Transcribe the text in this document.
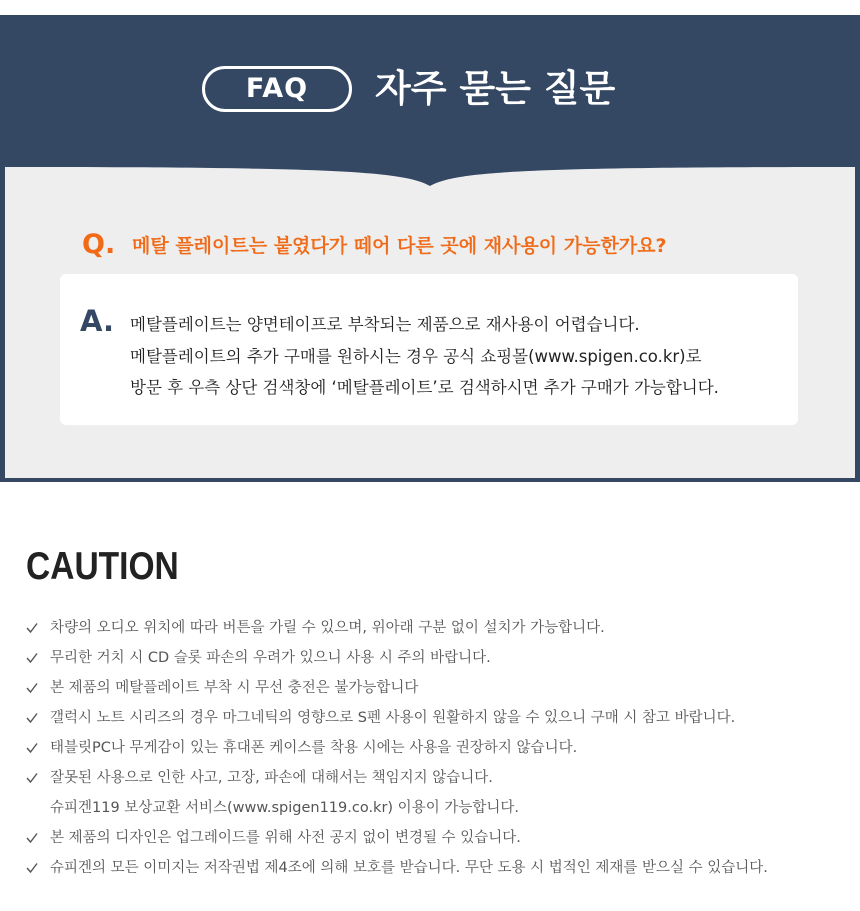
FAQ	자주 묻는 질문
Q. 메탈 플레이트는 붙였다가 떼어 다른 곳에 재사용이 가능한가요?
A. 메탈플레이트는 양면테이프로 부착되는 제품으로 재사용이 어렵습니다.
메탈플레이트의 추가 구매를 원하시는 경우 공식 쇼핑몰(www.spigen.co.kr)로
방문 후 우측 상단 검색창에 ‘메탈플레이트’로 검색하시면 추가 구매가 가능합니다.
CAUTION
차량의 오디오 위치에 따라 버튼을 가릴 수 있으며, 위아래 구분 없이 설치가 가능합니다.
무리한 거치 시 CD 슬롯 파손의 우려가 있으니 사용 시 주의 바랍니다.
본 제품의 메탈플레이트 부착 시 무선 충전은 불가능합니다
갤럭시 노트 시리즈의 경우 마그네틱의 영향으로 S펜 사용이 원활하지 않을 수 있으니 구매 시 참고 바랍니다.
태블릿PC나 무게감이 있는 휴대폰 케이스를 착용 시에는 사용을 권장하지 않습니다.
잘못된 사용으로 인한 사고, 고장, 파손에 대해서는 책임지지 않습니다.
슈피겐119 보상교환 서비스(www.spigen119.co.kr) 이용이 가능합니다.
본 제품의 디자인은 업그레이드를 위해 사전 공지 없이 변경될 수 있습니다.
슈피겐의 모든 이미지는 저작권법 제4조에 의해 보호를 받습니다. 무단 도용 시 법적인 제재를 받으실 수 있습니다.
